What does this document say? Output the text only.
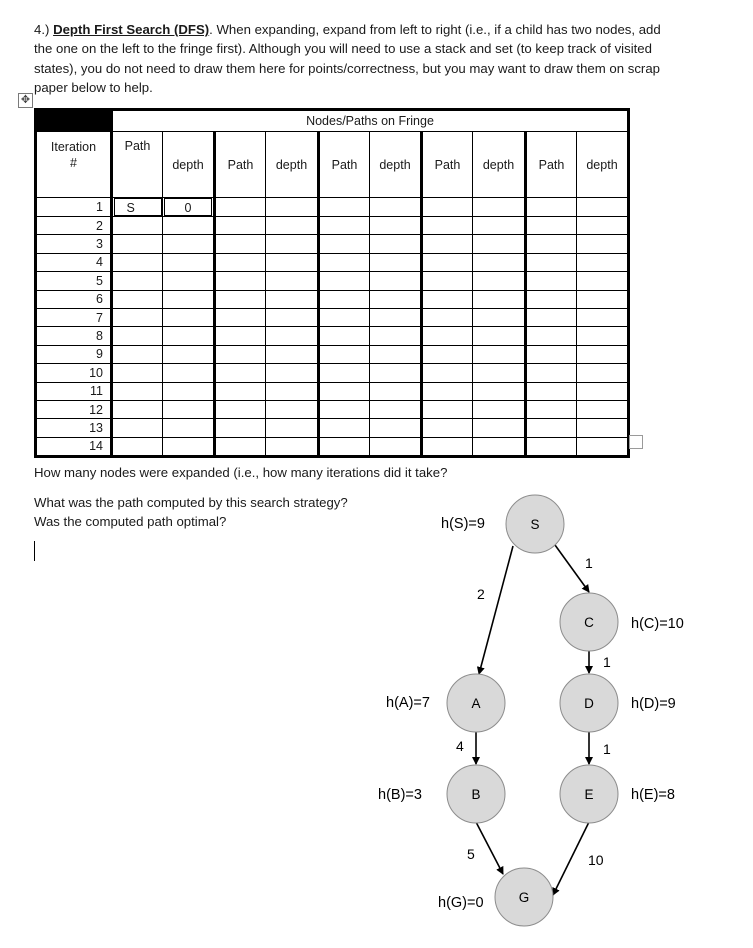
4.) Depth First Search (DFS). When expanding, expand from left to right (i.e., if a child has two nodes, add the one on the left to the fringe first). Although you will need to use a stack and set (to keep track of visited states), you do not need to draw them here for points/correctness, but you may want to draw them on scrap paper below to help.
✥
	Nodes/Paths on Fringe									
Iteration
#	Path	depth	Path	depth	Path	depth	Path	depth	Path	depth

1	S	0								
2										
3										
4										
5										
6										
7										
8										
9										
10										
11										
12										
13										
14										
How many nodes were expanded (i.e., how many iterations did it take?
What was the path computed by this search strategy?
Was the computed path optimal?	S
C
A	D
B	E
G
h(S)=9
h(C)=10
h(A)=7	h(D)=9
h(B)=3	h(E)=8
h(G)=0
2
1
1
1
4
5	10
